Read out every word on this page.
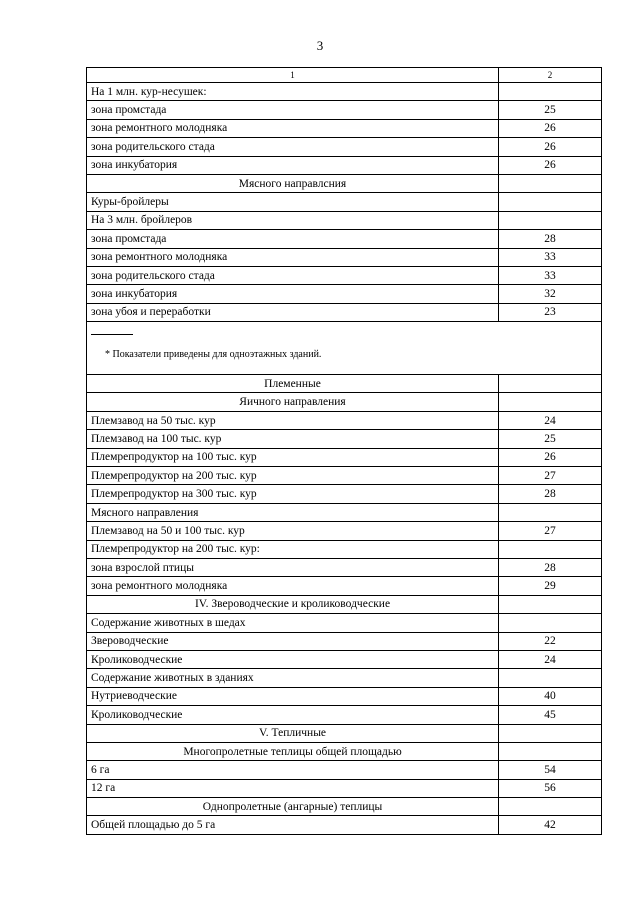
3
1	2
На 1 млн. кур-несушек:	
зона промстада	25
зона ремонтного молодняка	26
зона родительского стада	26
зона инкубатория	26
Мясного направлсния	
Куры-бройлеры	
На 3 млн. бройлеров	
зона промстада	28
зона ремонтного молодняка	33
зона родительского стада	33
зона инкубатория	32
зона убоя и переработки	23

* Показатели приведены для одноэтажных зданий.	

Племенные	
Яичного направления	
Племзавод на 50 тыс. кур	24
Племзавод на 100 тыс. кур	25
Племрепродуктор на 100 тыс. кур	26
Племрепродуктор на 200 тыс. кур	27
Племрепродуктор на 300 тыс. кур	28
Мясного направления	
Племзавод на 50 и 100 тыс. кур	27
Племрепродуктор на 200 тыс. кур:	
зона взрослой птицы	28
зона ремонтного молодняка	29
IV. Звероводческие и кролиководческие	
Содержание животных в шедах	
Звероводческие	22
Кролиководческие	24
Содержание животных в зданиях	
Нутриеводческие	40
Кролиководческие	45
V. Тепличные	
Многопролетные теплицы общей площадью	
6 га	54
12 га	56
Однопролетные (ангарные) теплицы	
Общей площадью до 5 га	42
